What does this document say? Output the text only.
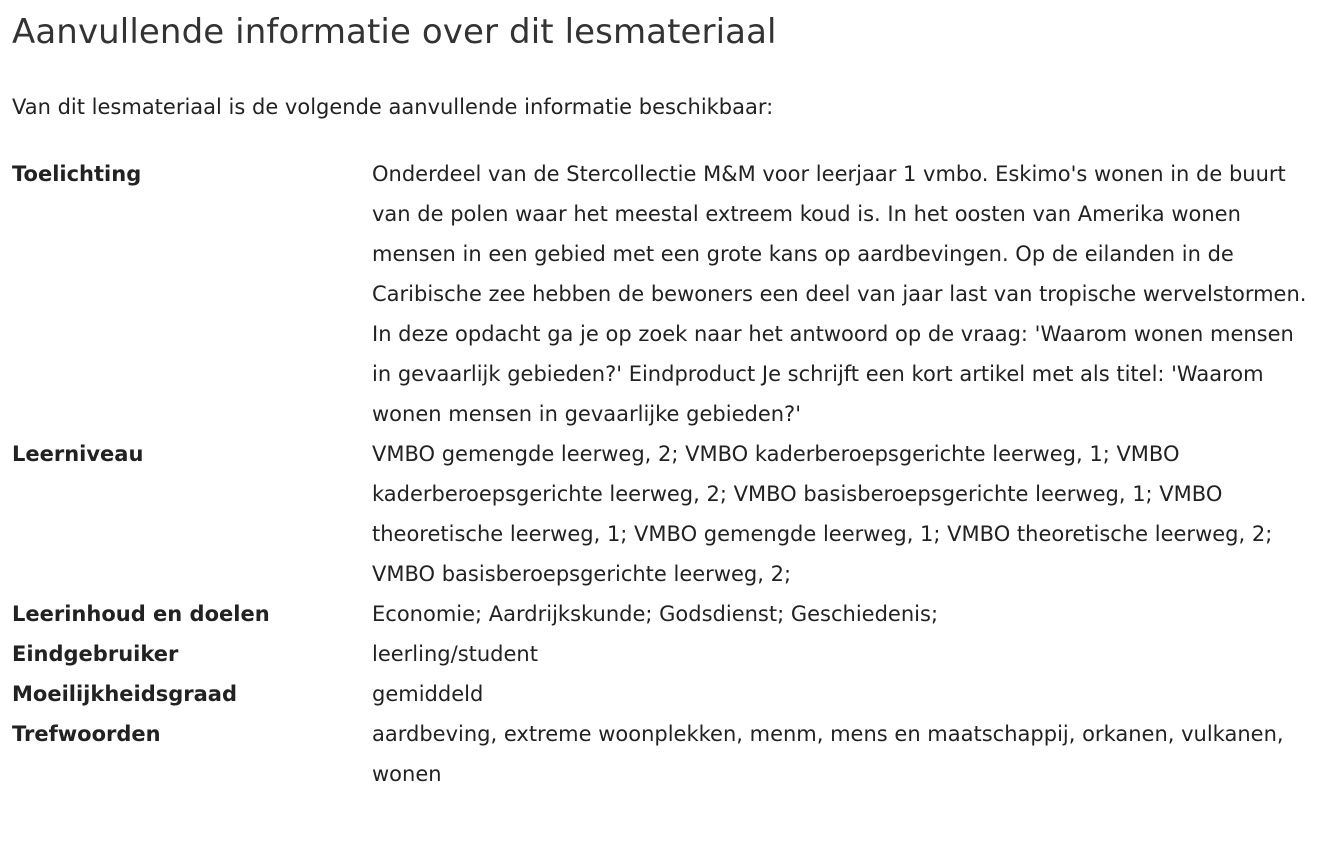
Aanvullende informatie over dit lesmateriaal

Van dit lesmateriaal is de volgende aanvullende informatie beschikbaar:

Toelichting	Onderdeel van de Stercollectie M&M voor leerjaar 1 vmbo. Eskimo's wonen in de buurt van de polen waar het meestal extreem koud is. In het oosten van Amerika wonen mensen in een gebied met een grote kans op aardbevingen. Op de eilanden in de Caribische zee hebben de bewoners een deel van jaar last van tropische wervelstormen. In deze opdacht ga je op zoek naar het antwoord op de vraag: 'Waarom wonen mensen in gevaarlijk gebieden?' Eindproduct Je schrijft een kort artikel met als titel: 'Waarom wonen mensen in gevaarlijke gebieden?'
Leerniveau	VMBO gemengde leerweg, 2; VMBO kaderberoepsgerichte leerweg, 1; VMBO kaderberoepsgerichte leerweg, 2; VMBO basisberoepsgerichte leerweg, 1; VMBO theoretische leerweg, 1; VMBO gemengde leerweg, 1; VMBO theoretische leerweg, 2; VMBO basisberoepsgerichte leerweg, 2;
Leerinhoud en doelen	Economie; Aardrijkskunde; Godsdienst; Geschiedenis;
Eindgebruiker	leerling/student
Moeilijkheidsgraad	gemiddeld
Trefwoorden	aardbeving, extreme woonplekken, menm, mens en maatschappij, orkanen, vulkanen, wonen
